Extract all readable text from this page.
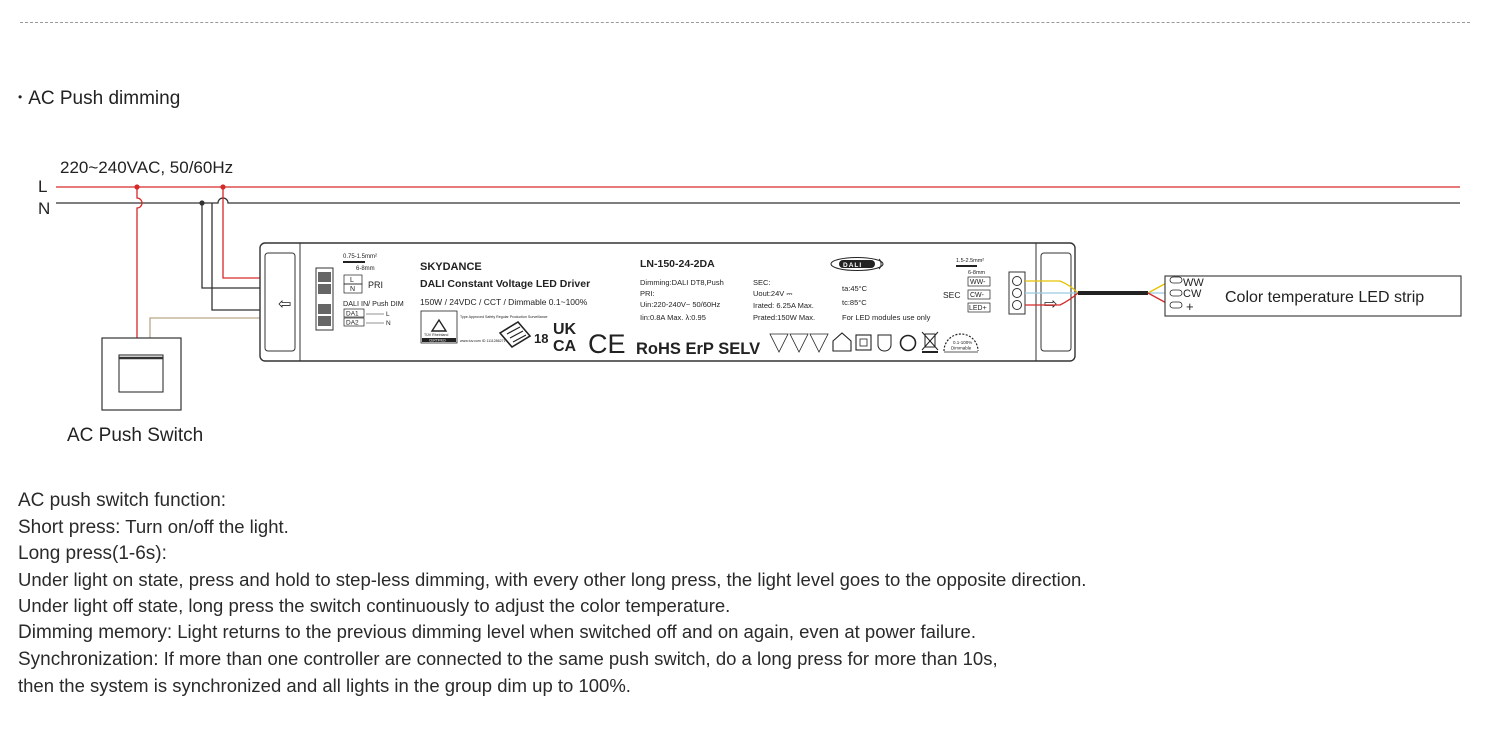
• AC Push dimming
220~240VAC, 50/60Hz
L
N
AC Push Switch
⇦	⇨
0.75-1.5mm²
6-8mm
L
N PRI
DALI IN/ Push DIM
DA1	L
DA2	N
SKYDANCE
DALI Constant Voltage LED Driver
150W / 24VDC / CCT / Dimmable 0.1~100%
TÜV Rheinland
CERTIFIED
Type Approved Safety Regular Production Surveillance
www.tuv.com ID 1111286271 18
UK
CA CE RoHS ErP SELV	0.1-100%
Dimmable
LN-150-24-2DA
Dimming:DALI DT8,Push
PRI:
Uin:220-240V~ 50/60Hz
Iin:0.8A Max. λ:0.95
SEC:
Uout:24V ⎓
Irated: 6.25A Max.
Prated:150W Max.
ta:45°C
tc:85°C
For LED modules use only
DALI
1.5-2.5mm²
6-8mm
WW-
CW-
SEC
LED+
WW
CW
+
Color temperature LED strip
AC push switch function:
Short press: Turn on/off the light.
Long press(1-6s):
Under light on state, press and hold to step-less dimming, with every other long press, the light level goes to the opposite direction.
Under light off state, long press the switch continuously to adjust the color temperature.
Dimming memory: Light returns to the previous dimming level when switched off and on again, even at power failure.
Synchronization: If more than one controller are connected to the same push switch, do a long press for more than 10s,
then the system is synchronized and all lights in the group dim up to 100%.
